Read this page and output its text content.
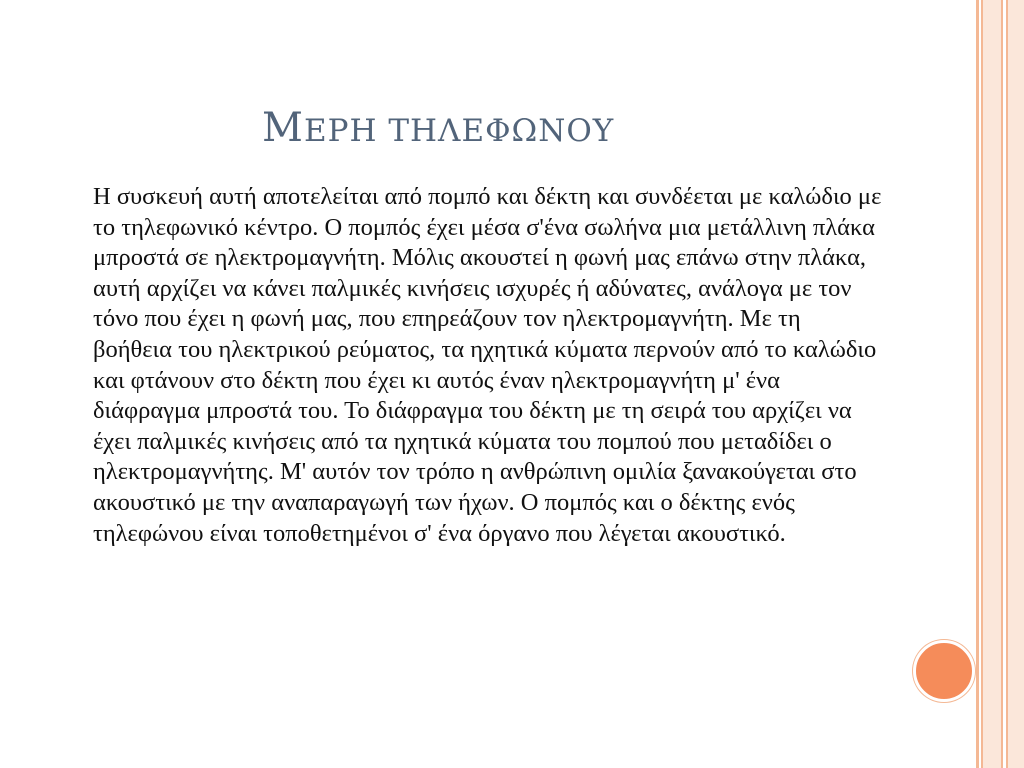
ΜΕΡΗ ΤΗΛΕΦΩΝΟΥ

Η συσκευή αυτή αποτελείται από πομπό και δέκτη και συνδέεται με καλώδιο με το τηλεφωνικό κέντρο. Ο πομπός έχει μέσα σ'ένα σωλήνα μια μετάλλινη πλάκα μπροστά σε ηλεκτρομαγνήτη. Μόλις ακουστεί η φωνή μας επάνω στην πλάκα, αυτή αρχίζει να κάνει παλμικές κινήσεις ισχυρές ή αδύνατες, ανάλογα με τον τόνο που έχει η φωνή μας, που επηρεάζουν τον ηλεκτρομαγνήτη. Με τη βοήθεια του ηλεκτρικού ρεύματος, τα ηχητικά κύματα περνούν από το καλώδιο και φτάνουν στο δέκτη που έχει κι αυτός έναν ηλεκτρομαγνήτη μ' ένα διάφραγμα μπροστά του. Το διάφραγμα του δέκτη με τη σειρά του αρχίζει να έχει παλμικές κινήσεις από τα ηχητικά κύματα του πομπού που μεταδίδει ο ηλεκτρομαγνήτης. Μ' αυτόν τον τρόπο η ανθρώπινη ομιλία ξανακούγεται στο ακουστικό με την αναπαραγωγή των ήχων. Ο πομπός και ο δέκτης ενός τηλεφώνου είναι τοποθετημένοι σ' ένα όργανο που λέγεται ακουστικό.
